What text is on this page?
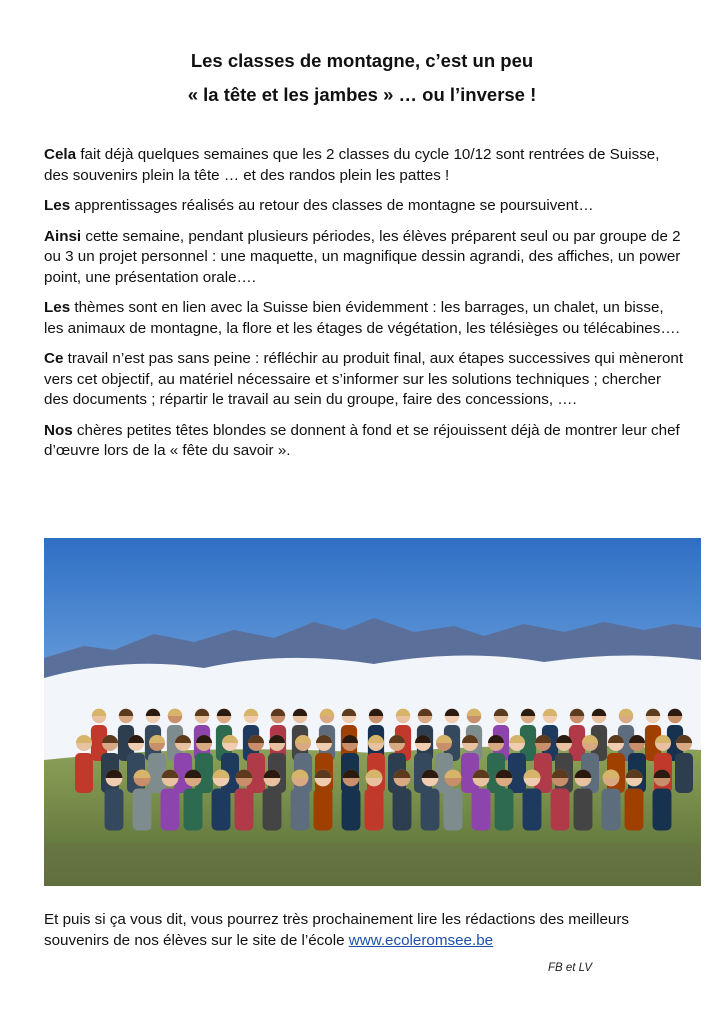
Les classes de montagne, c’est un peu
« la tête et les jambes » … ou l’inverse !

Cela fait déjà quelques semaines que les 2 classes du cycle 10/12 sont rentrées de Suisse, des souvenirs plein la tête … et des randos plein les pattes !

Les apprentissages réalisés au retour des classes de montagne se poursuivent…

Ainsi cette semaine, pendant plusieurs périodes, les élèves préparent seul ou par groupe de 2 ou 3 un projet personnel : une maquette, un magnifique dessin agrandi, des affiches, un power point, une présentation orale….

Les thèmes sont en lien avec la Suisse bien évidemment : les barrages, un chalet, un bisse, les animaux de montagne, la flore et les étages de végétation, les télésièges ou télécabines….

Ce travail n’est pas sans peine : réfléchir au produit final, aux étapes successives qui mèneront vers cet objectif, au matériel nécessaire et s’informer sur les solutions techniques ; chercher des documents ; répartir le travail au sein du groupe, faire des concessions, ….

Nos chères petites têtes blondes se donnent à fond et se réjouissent déjà de montrer leur chef d’œuvre lors de la « fête du savoir ».

Et puis si ça vous dit, vous pourrez très prochainement lire les rédactions des meilleurs souvenirs de nos élèves sur le site de l’école www.ecoleromsee.be
FB et LV
